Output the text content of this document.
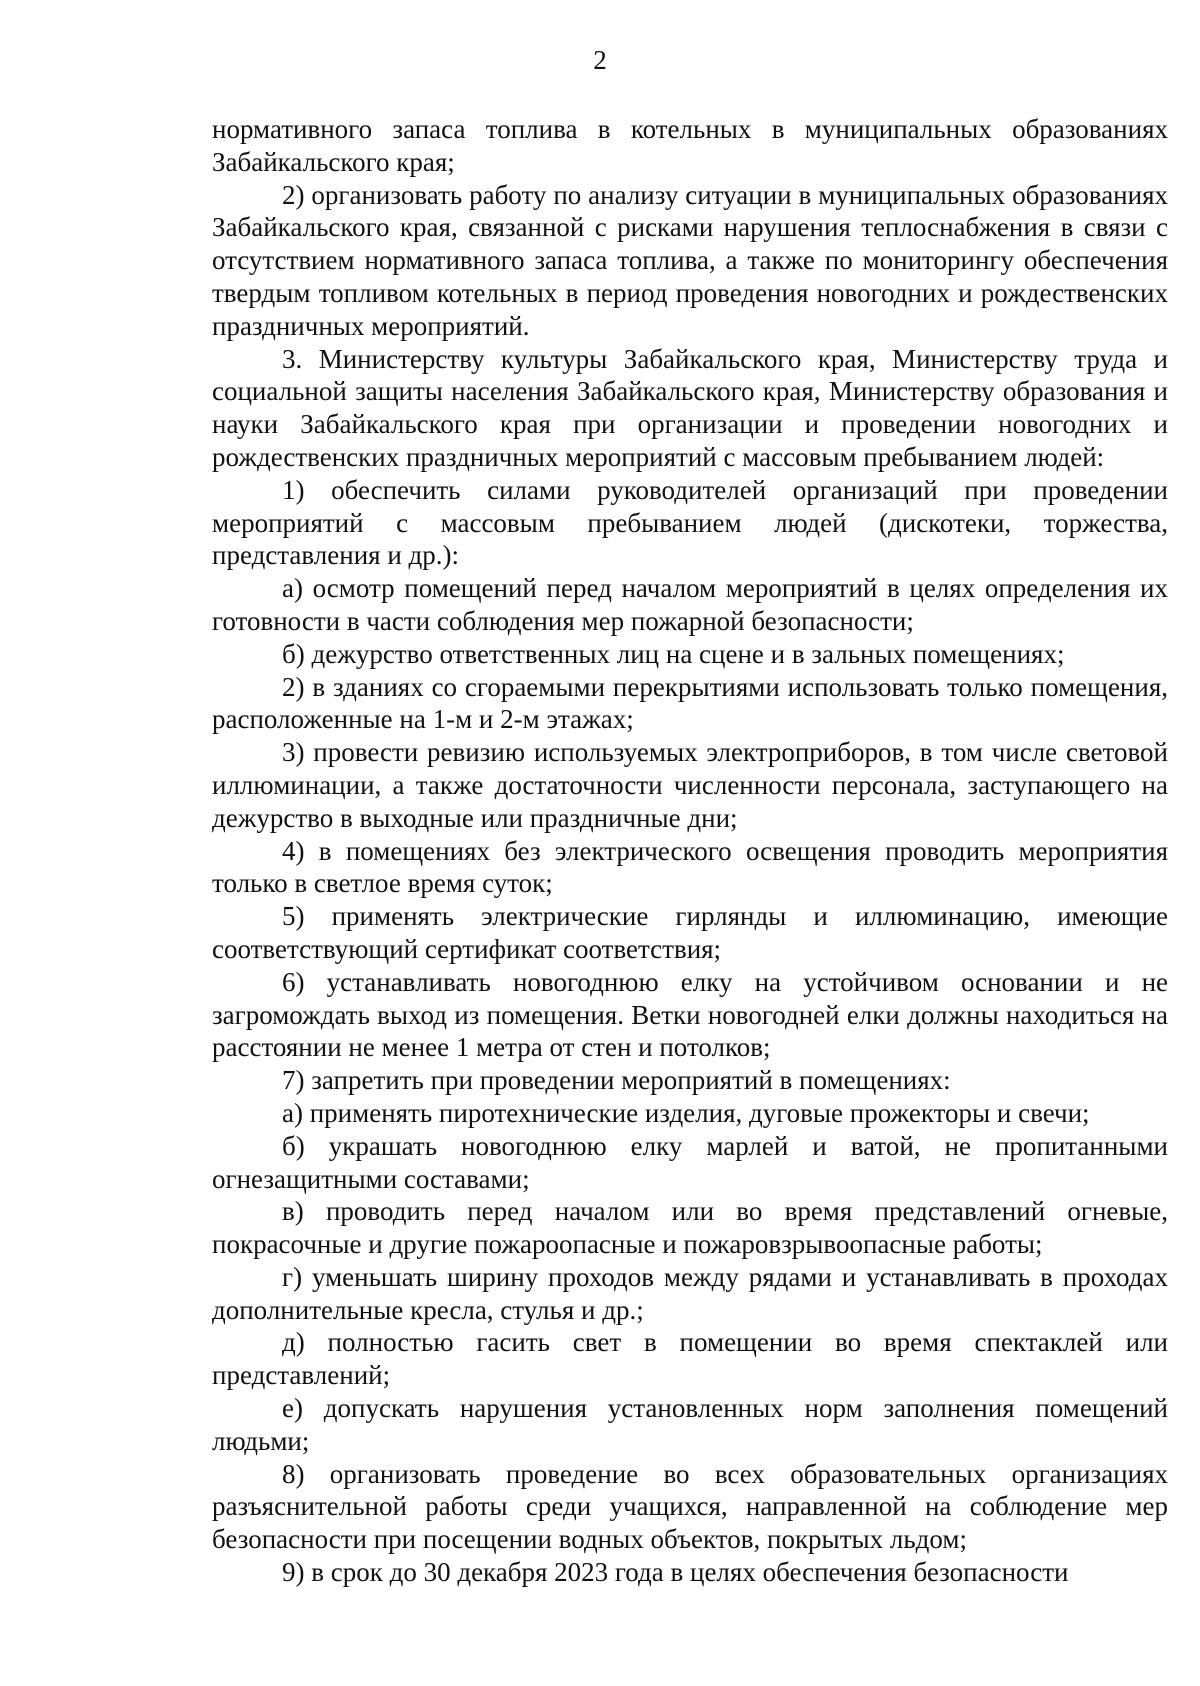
2

нормативного запаса топлива в котельных в муниципальных образованиях Забайкальского края;

2) организовать работу по анализу ситуации в муниципальных образованиях Забайкальского края, связанной с рисками нарушения теплоснабжения в связи с отсутствием нормативного запаса топлива, а также по мониторингу обеспечения твердым топливом котельных в период проведения новогодних и рождественских праздничных мероприятий.

3. Министерству культуры Забайкальского края, Министерству труда и социальной защиты населения Забайкальского края, Министерству образования и науки Забайкальского края при организации и проведении новогодних и рождественских праздничных мероприятий с массовым пребыванием людей:

1) обеспечить силами руководителей организаций при проведении мероприятий с массовым пребыванием людей (дискотеки, торжества, представления и др.):

а) осмотр помещений перед началом мероприятий в целях определения их готовности в части соблюдения мер пожарной безопасности;

б) дежурство ответственных лиц на сцене и в зальных помещениях;

2) в зданиях со сгораемыми перекрытиями использовать только помещения, расположенные на 1-м и 2-м этажах;

3) провести ревизию используемых электроприборов, в том числе световой иллюминации, а также достаточности численности персонала, заступающего на дежурство в выходные или праздничные дни;

4) в помещениях без электрического освещения проводить мероприятия только в светлое время суток;

5) применять электрические гирлянды и иллюминацию, имеющие соответствующий сертификат соответствия;

6) устанавливать новогоднюю елку на устойчивом основании и не загромождать выход из помещения. Ветки новогодней елки должны находиться на расстоянии не менее 1 метра от стен и потолков;

7) запретить при проведении мероприятий в помещениях:

а) применять пиротехнические изделия, дуговые прожекторы и свечи;

б) украшать новогоднюю елку марлей и ватой, не пропитанными огнезащитными составами;

в) проводить перед началом или во время представлений огневые, покрасочные и другие пожароопасные и пожаровзрывоопасные работы;

г) уменьшать ширину проходов между рядами и устанавливать в проходах дополнительные кресла, стулья и др.;

д) полностью гасить свет в помещении во время спектаклей или представлений;

е) допускать нарушения установленных норм заполнения помещений людьми;

8) организовать проведение во всех образовательных организациях разъяснительной работы среди учащихся, направленной на соблюдение мер безопасности при посещении водных объектов, покрытых льдом;

9) в срок до 30 декабря 2023 года в целях обеспечения безопасности
